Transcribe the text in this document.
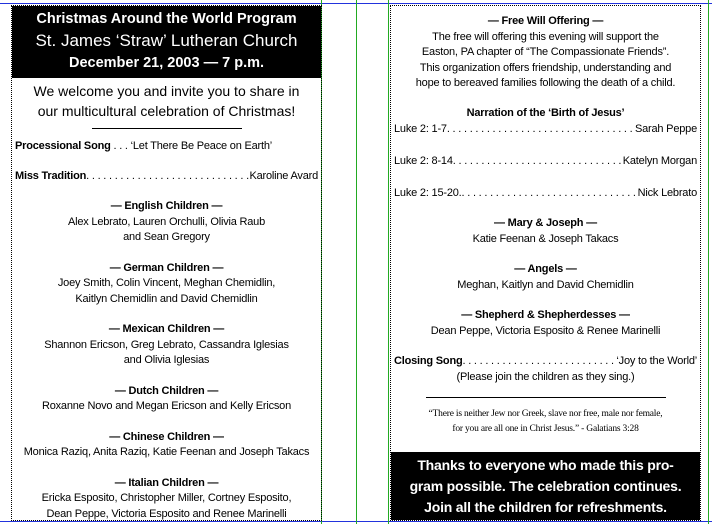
Christmas Around the World Program
St. James ‘Straw’ Lutheran Church
December 21, 2003 — 7 p.m.
We welcome you and invite you to share in
our multicultural celebration of Christmas!
Processional Song . . . ‘Let There Be Peace on Earth’
Miss Tradition . . .	Karoline Avard
— English Children —
Alex Lebrato, Lauren Orchulli, Olivia Raub
and Sean Gregory
— German Children —
Joey Smith, Colin Vincent, Meghan Chemidlin,
Kaitlyn Chemidlin and David Chemidlin
— Mexican Children —
Shannon Ericson, Greg Lebrato, Cassandra Iglesias
and Olivia Iglesias
— Dutch Children —
Roxanne Novo and Megan Ericson and Kelly Ericson
— Chinese Children —
Monica Raziq, Anita Raziq, Katie Feenan and Joseph Takacs
— Italian Children —
Ericka Esposito, Christopher Miller, Cortney Esposito,
Dean Peppe, Victoria Esposito and Renee Marinelli
— Free Will Offering —
The free will offering this evening will support the
Easton, PA chapter of “The Compassionate Friends”.
This organization offers friendship, understanding and
hope to bereaved families following the death of a child.
Narration of the ‘Birth of Jesus’
Luke 2: 1-7 . . .	Sarah Peppe
Luke 2: 8-14 . . .	Katelyn Morgan
Luke 2: 15-20. . . .	Nick Lebrato
— Mary & Joseph —
Katie Feenan & Joseph Takacs
— Angels —
Meghan, Kaitlyn and David Chemidlin
— Shepherd & Shepherdesses —
Dean Peppe, Victoria Esposito & Renee Marinelli
Closing Song . . .	‘Joy to the World’
(Please join the children as they sing.)
“There is neither Jew nor Greek, slave nor free, male nor female,
for you are all one in Christ Jesus.” - Galatians 3:28
Thanks to everyone who made this pro-
gram possible. The celebration continues.
Join all the children for refreshments.
